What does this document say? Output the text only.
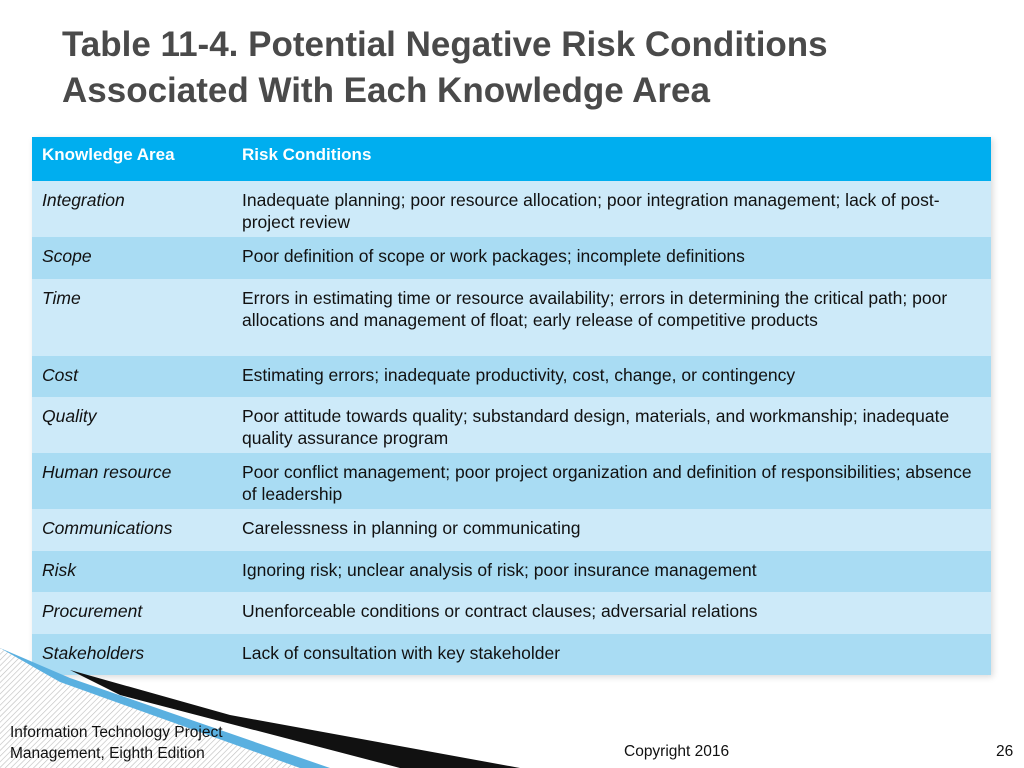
Table 11-4. Potential Negative Risk Conditions
Associated With Each Knowledge Area
Knowledge Area	Risk Conditions
Integration	Inadequate planning; poor resource allocation; poor integration management; lack of post-project review
Scope	Poor definition of scope or work packages; incomplete definitions
Time	Errors in estimating time or resource availability; errors in determining the critical path; poor allocations and management of float; early release of competitive products
Cost	Estimating errors; inadequate productivity, cost, change, or contingency
Quality	Poor attitude towards quality; substandard design, materials, and workmanship; inadequate quality assurance program
Human resource	Poor conflict management; poor project organization and definition of responsibilities; absence of leadership
Communications	Carelessness in planning or communicating
Risk	Ignoring risk; unclear analysis of risk; poor insurance management
Procurement	Unenforceable conditions or contract clauses; adversarial relations
Stakeholders	Lack of consultation with key stakeholder
Information Technology Project
Management, Eighth Edition	Copyright 2016	26
